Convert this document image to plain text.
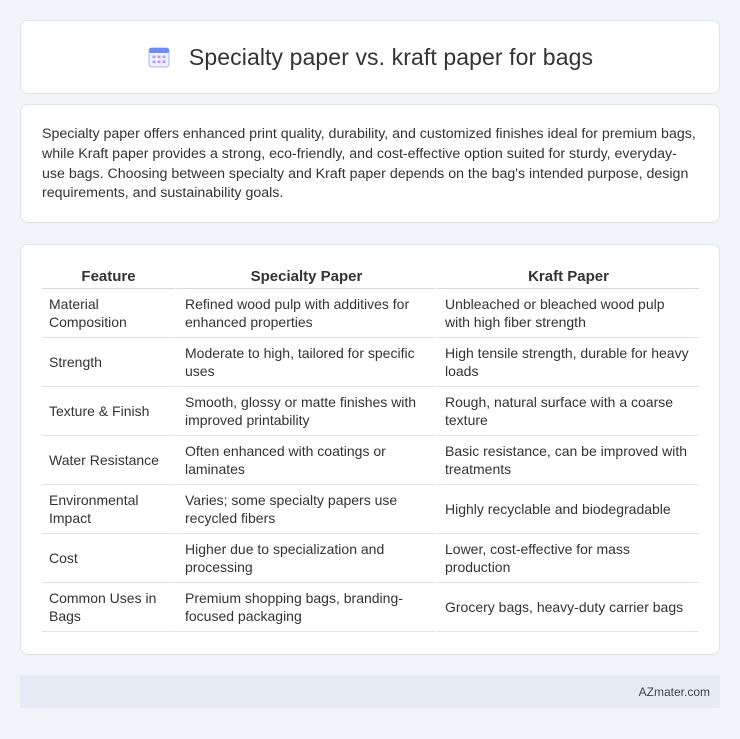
Specialty paper vs. kraft paper for bags

Specialty paper offers enhanced print quality, durability, and customized finishes ideal for premium bags, while Kraft paper provides a strong, eco-friendly, and cost-effective option suited for sturdy, everyday-use bags. Choosing between specialty and Kraft paper depends on the bag's intended purpose, design requirements, and sustainability goals.

Feature	Specialty Paper	Kraft Paper
Material Composition	Refined wood pulp with additives for enhanced properties	Unbleached or bleached wood pulp with high fiber strength
Strength	Moderate to high, tailored for specific uses	High tensile strength, durable for heavy loads
Texture & Finish	Smooth, glossy or matte finishes with improved printability	Rough, natural surface with a coarse texture
Water Resistance	Often enhanced with coatings or laminates	Basic resistance, can be improved with treatments
Environmental Impact	Varies; some specialty papers use recycled fibers	Highly recyclable and biodegradable
Cost	Higher due to specialization and processing	Lower, cost-effective for mass production
Common Uses in Bags	Premium shopping bags, branding-focused packaging	Grocery bags, heavy-duty carrier bags
AZmater.com
